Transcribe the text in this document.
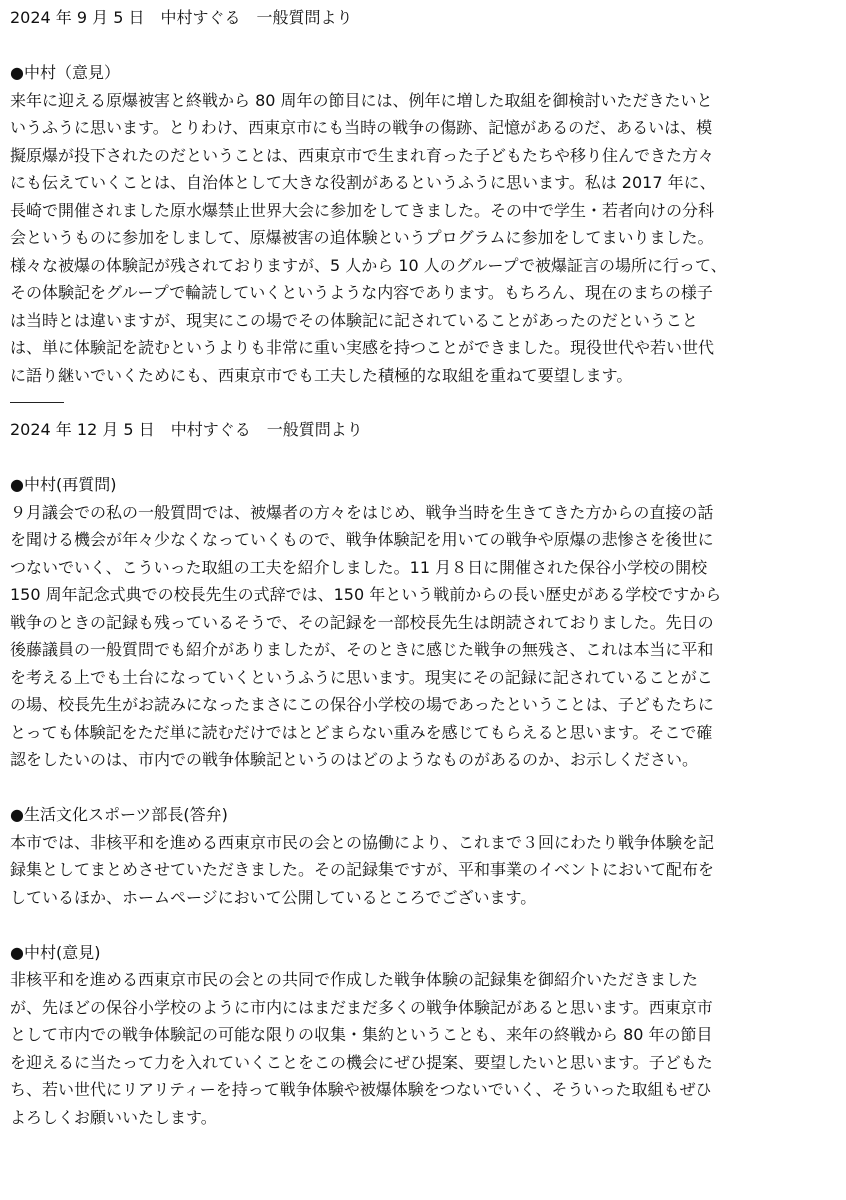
2024 年 9 月 5 日　中村すぐる　一般質問より
●中村（意見）
来年に迎える原爆被害と終戦から 80 周年の節目には、例年に増した取組を御検討いただきたいと
いうふうに思います。とりわけ、西東京市にも当時の戦争の傷跡、記憶があるのだ、あるいは、模
擬原爆が投下されたのだということは、西東京市で生まれ育った子どもたちや移り住んできた方々
にも伝えていくことは、自治体として大きな役割があるというふうに思います。私は 2017 年に、
長崎で開催されました原水爆禁止世界大会に参加をしてきました。その中で学生・若者向けの分科
会というものに参加をしまして、原爆被害の追体験というプログラムに参加をしてまいりました。
様々な被爆の体験記が残されておりますが、5 人から 10 人のグループで被爆証言の場所に行って、
その体験記をグループで輪読していくというような内容であります。もちろん、現在のまちの様子
は当時とは違いますが、現実にこの場でその体験記に記されていることがあったのだということ
は、単に体験記を読むというよりも非常に重い実感を持つことができました。現役世代や若い世代
に語り継いでいくためにも、西東京市でも工夫した積極的な取組を重ねて要望します。
2024 年 12 月 5 日　中村すぐる　一般質問より
●中村(再質問)
９月議会での私の一般質問では、被爆者の方々をはじめ、戦争当時を生きてきた方からの直接の話
を聞ける機会が年々少なくなっていくもので、戦争体験記を用いての戦争や原爆の悲惨さを後世に
つないでいく、こういった取組の工夫を紹介しました。11 月８日に開催された保谷小学校の開校
150 周年記念式典での校長先生の式辞では、150 年という戦前からの長い歴史がある学校ですから
戦争のときの記録も残っているそうで、その記録を一部校長先生は朗読されておりました。先日の
後藤議員の一般質問でも紹介がありましたが、そのときに感じた戦争の無残さ、これは本当に平和
を考える上でも土台になっていくというふうに思います。現実にその記録に記されていることがこ
の場、校長先生がお読みになったまさにこの保谷小学校の場であったということは、子どもたちに
とっても体験記をただ単に読むだけではとどまらない重みを感じてもらえると思います。そこで確
認をしたいのは、市内での戦争体験記というのはどのようなものがあるのか、お示しください。
●生活文化スポーツ部長(答弁)
本市では、非核平和を進める西東京市民の会との協働により、これまで３回にわたり戦争体験を記
録集としてまとめさせていただきました。その記録集ですが、平和事業のイベントにおいて配布を
しているほか、ホームページにおいて公開しているところでございます。
●中村(意見)
非核平和を進める西東京市民の会との共同で作成した戦争体験の記録集を御紹介いただきました
が、先ほどの保谷小学校のように市内にはまだまだ多くの戦争体験記があると思います。西東京市
として市内での戦争体験記の可能な限りの収集・集約ということも、来年の終戦から 80 年の節目
を迎えるに当たって力を入れていくことをこの機会にぜひ提案、要望したいと思います。子どもた
ち、若い世代にリアリティーを持って戦争体験や被爆体験をつないでいく、そういった取組もぜひ
よろしくお願いいたします。
